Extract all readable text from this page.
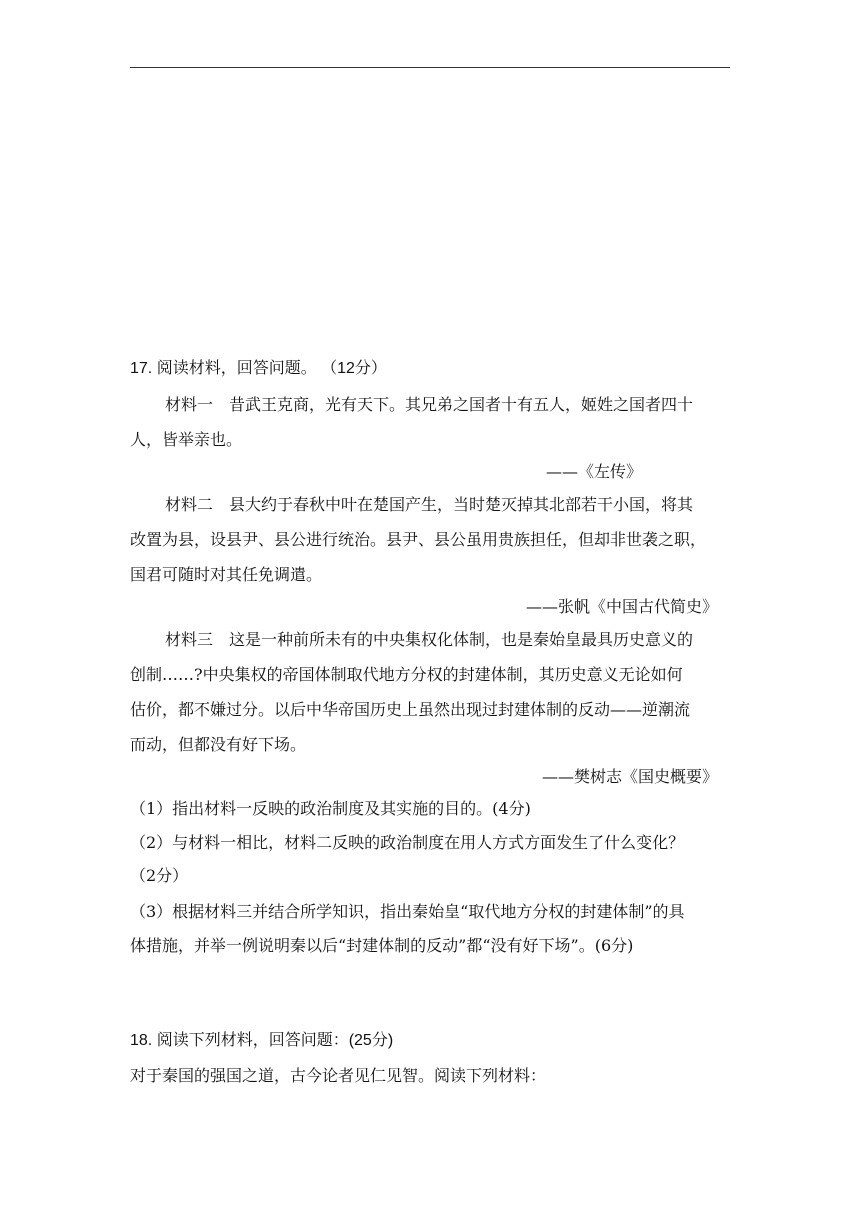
17. 阅读材料，回答问题。 （12分）
材料一　昔武王克商，光有天下。其兄弟之国者十有五人，姬姓之国者四十
人，皆举亲也。
——《左传》
材料二　县大约于春秋中叶在楚国产生，当时楚灭掉其北部若干小国，将其
改置为县，设县尹、县公进行统治。县尹、县公虽用贵族担任，但却非世袭之职，
国君可随时对其任免调遣。
——张帆《中国古代简史》
材料三　这是一种前所未有的中央集权化体制，也是秦始皇最具历史意义的
创制……?中央集权的帝国体制取代地方分权的封建体制，其历史意义无论如何
估价，都不嫌过分。以后中华帝国历史上虽然出现过封建体制的反动——逆潮流
而动，但都没有好下场。
——樊树志《国史概要》
（1）指出材料一反映的政治制度及其实施的目的。(4分)
（2）与材料一相比，材料二反映的政治制度在用人方式方面发生了什么变化？
（2分）
（3）根据材料三并结合所学知识，指出秦始皇“取代地方分权的封建体制”的具
体措施，并举一例说明秦以后“封建体制的反动”都“没有好下场”。(6分)
18. 阅读下列材料，回答问题：(25分)
对于秦国的强国之道，古今论者见仁见智。阅读下列材料：
